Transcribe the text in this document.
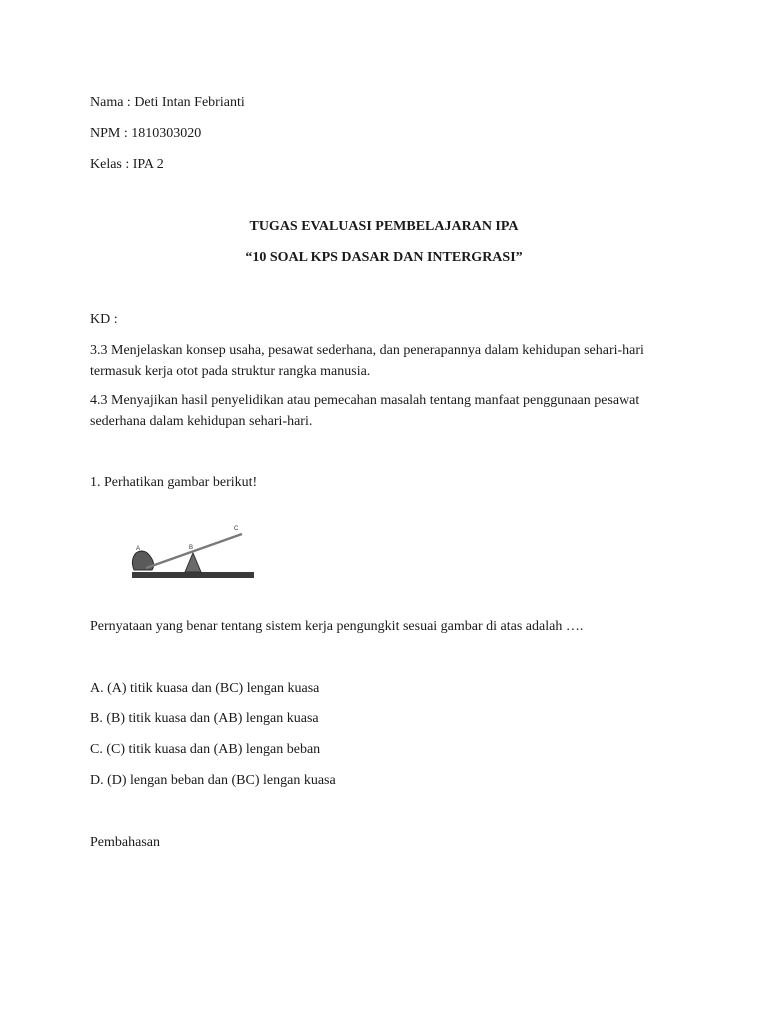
Nama : Deti Intan Febrianti
NPM : 1810303020
Kelas : IPA 2
TUGAS EVALUASI PEMBELAJARAN IPA
“10 SOAL KPS DASAR DAN INTERGRASI”
KD :
3.3 Menjelaskan konsep usaha, pesawat sederhana, dan penerapannya dalam kehidupan sehari-hari termasuk kerja otot pada struktur rangka manusia.
4.3 Menyajikan hasil penyelidikan atau pemecahan masalah tentang manfaat penggunaan pesawat sederhana dalam kehidupan sehari-hari.
1. Perhatikan gambar berikut!
A	B
C
Pernyataan yang benar tentang sistem kerja pengungkit sesuai gambar di atas adalah ….
A. (A) titik kuasa dan (BC) lengan kuasa
B. (B) titik kuasa dan (AB) lengan kuasa
C. (C) titik kuasa dan (AB) lengan beban
D. (D) lengan beban dan (BC) lengan kuasa
Pembahasan
